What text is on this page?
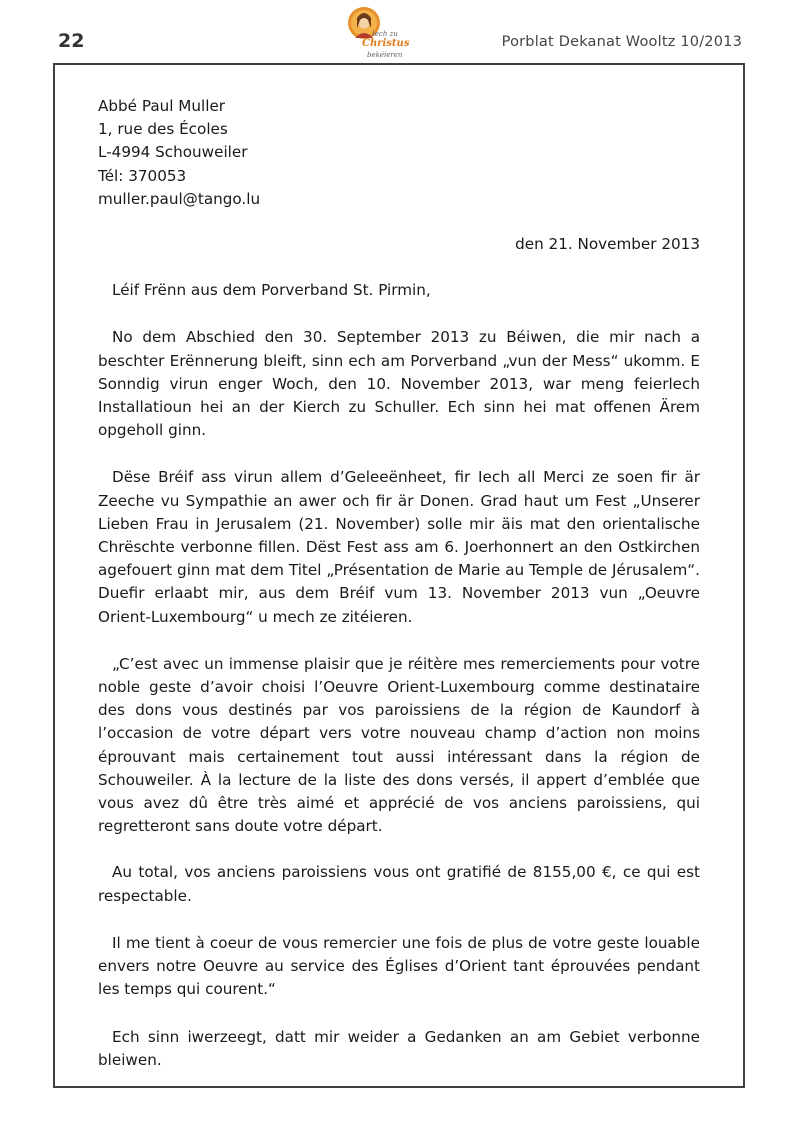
22	Iech zu
Christus
bekéieren
Porblat Dekanat Wooltz 10/2013
Abbé Paul Muller
1, rue des Écoles
L-4994 Schouweiler
Tél: 370053
muller.paul@tango.lu
den 21. November 2013
Léif Frënn aus dem Porverband St. Pirmin,
No dem Abschied den 30. September 2013 zu Béiwen, die mir nach a beschter Erënnerung bleift, sinn ech am Porverband „vun der Mess“ ukomm. E Sonndig virun enger Woch, den 10. November 2013, war meng feierlech Installatioun hei an der Kierch zu Schuller. Ech sinn hei mat offenen Ärem opgeholl ginn.
Dëse Bréif ass virun allem d’Geleeënheet, fir Iech all Merci ze soen fir är Zeeche vu Sympathie an awer och fir är Donen. Grad haut um Fest „Unserer Lieben Frau in Jerusalem (21. November) solle mir äis mat den orientalische Chrëschte verbonne fillen. Dëst Fest ass am 6. Joerhonnert an den Ostkirchen agefouert ginn mat dem Titel „Présentation de Marie au Temple de Jérusalem“. Duefir erlaabt mir, aus dem Bréif vum 13. November 2013 vun „Oeuvre Orient-Luxembourg“ u mech ze zitéieren.
„C’est avec un immense plaisir que je réitère mes remerciements pour votre noble geste d’avoir choisi l’Oeuvre Orient-Luxembourg comme destinataire des dons vous destinés par vos paroissiens de la région de Kaundorf à l’occasion de votre départ vers votre nouveau champ d’action non moins éprouvant mais certainement tout aussi intéressant dans la région de Schouweiler. À la lecture de la liste des dons versés, il appert d’emblée que vous avez dû être très aimé et apprécié de vos anciens paroissiens, qui regretteront sans doute votre départ.
Au total, vos anciens paroissiens vous ont gratifié de 8155,00 €, ce qui est respectable.
Il me tient à coeur de vous remercier une fois de plus de votre geste louable envers notre Oeuvre au service des Églises d’Orient tant éprouvées pendant les temps qui courent.“
Ech sinn iwerzeegt, datt mir weider a Gedanken an am Gebiet verbonne bleiwen.
